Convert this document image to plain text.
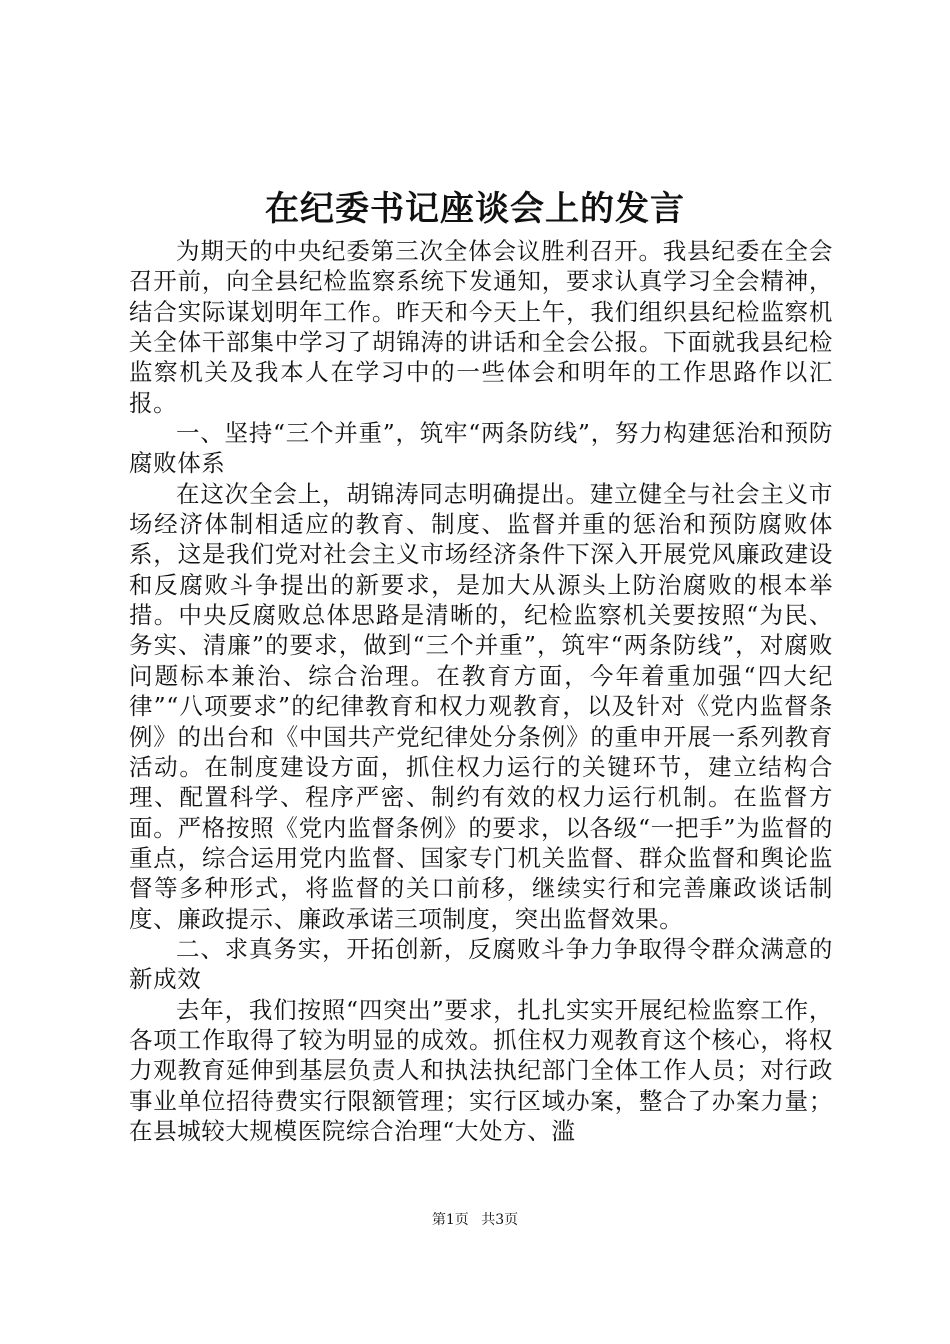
在纪委书记座谈会上的发言

为期天的中央纪委第三次全体会议胜利召开。我县纪委在全会召开前，向全县纪检监察系统下发通知，要求认真学习全会精神，结合实际谋划明年工作。昨天和今天上午，我们组织县纪检监察机关全体干部集中学习了胡锦涛的讲话和全会公报。下面就我县纪检监察机关及我本人在学习中的一些体会和明年的工作思路作以汇报。

一、坚持“三个并重”，筑牢“两条防线”，努力构建惩治和预防腐败体系

在这次全会上，胡锦涛同志明确提出。建立健全与社会主义市场经济体制相适应的教育、制度、监督并重的惩治和预防腐败体系，这是我们党对社会主义市场经济条件下深入开展党风廉政建设和反腐败斗争提出的新要求，是加大从源头上防治腐败的根本举措。中央反腐败总体思路是清晰的，纪检监察机关要按照“为民、务实、清廉”的要求，做到“三个并重”，筑牢“两条防线”，对腐败问题标本兼治、综合治理。在教育方面，今年着重加强“四大纪律”“八项要求”的纪律教育和权力观教育，以及针对《党内监督条例》的出台和《中国共产党纪律处分条例》的重申开展一系列教育活动。在制度建设方面，抓住权力运行的关键环节，建立结构合理、配置科学、程序严密、制约有效的权力运行机制。在监督方面。严格按照《党内监督条例》的要求，以各级“一把手”为监督的重点，综合运用党内监督、国家专门机关监督、群众监督和舆论监督等多种形式，将监督的关口前移，继续实行和完善廉政谈话制度、廉政提示、廉政承诺三项制度，突出监督效果。

二、求真务实，开拓创新，反腐败斗争力争取得令群众满意的新成效

去年，我们按照“四突出”要求，扎扎实实开展纪检监察工作，各项工作取得了较为明显的成效。抓住权力观教育这个核心，将权力观教育延伸到基层负责人和执法执纪部门全体工作人员；对行政事业单位招待费实行限额管理；实行区域办案，整合了办案力量；在县城较大规模医院综合治理“大处方、滥

第1页 共3页
